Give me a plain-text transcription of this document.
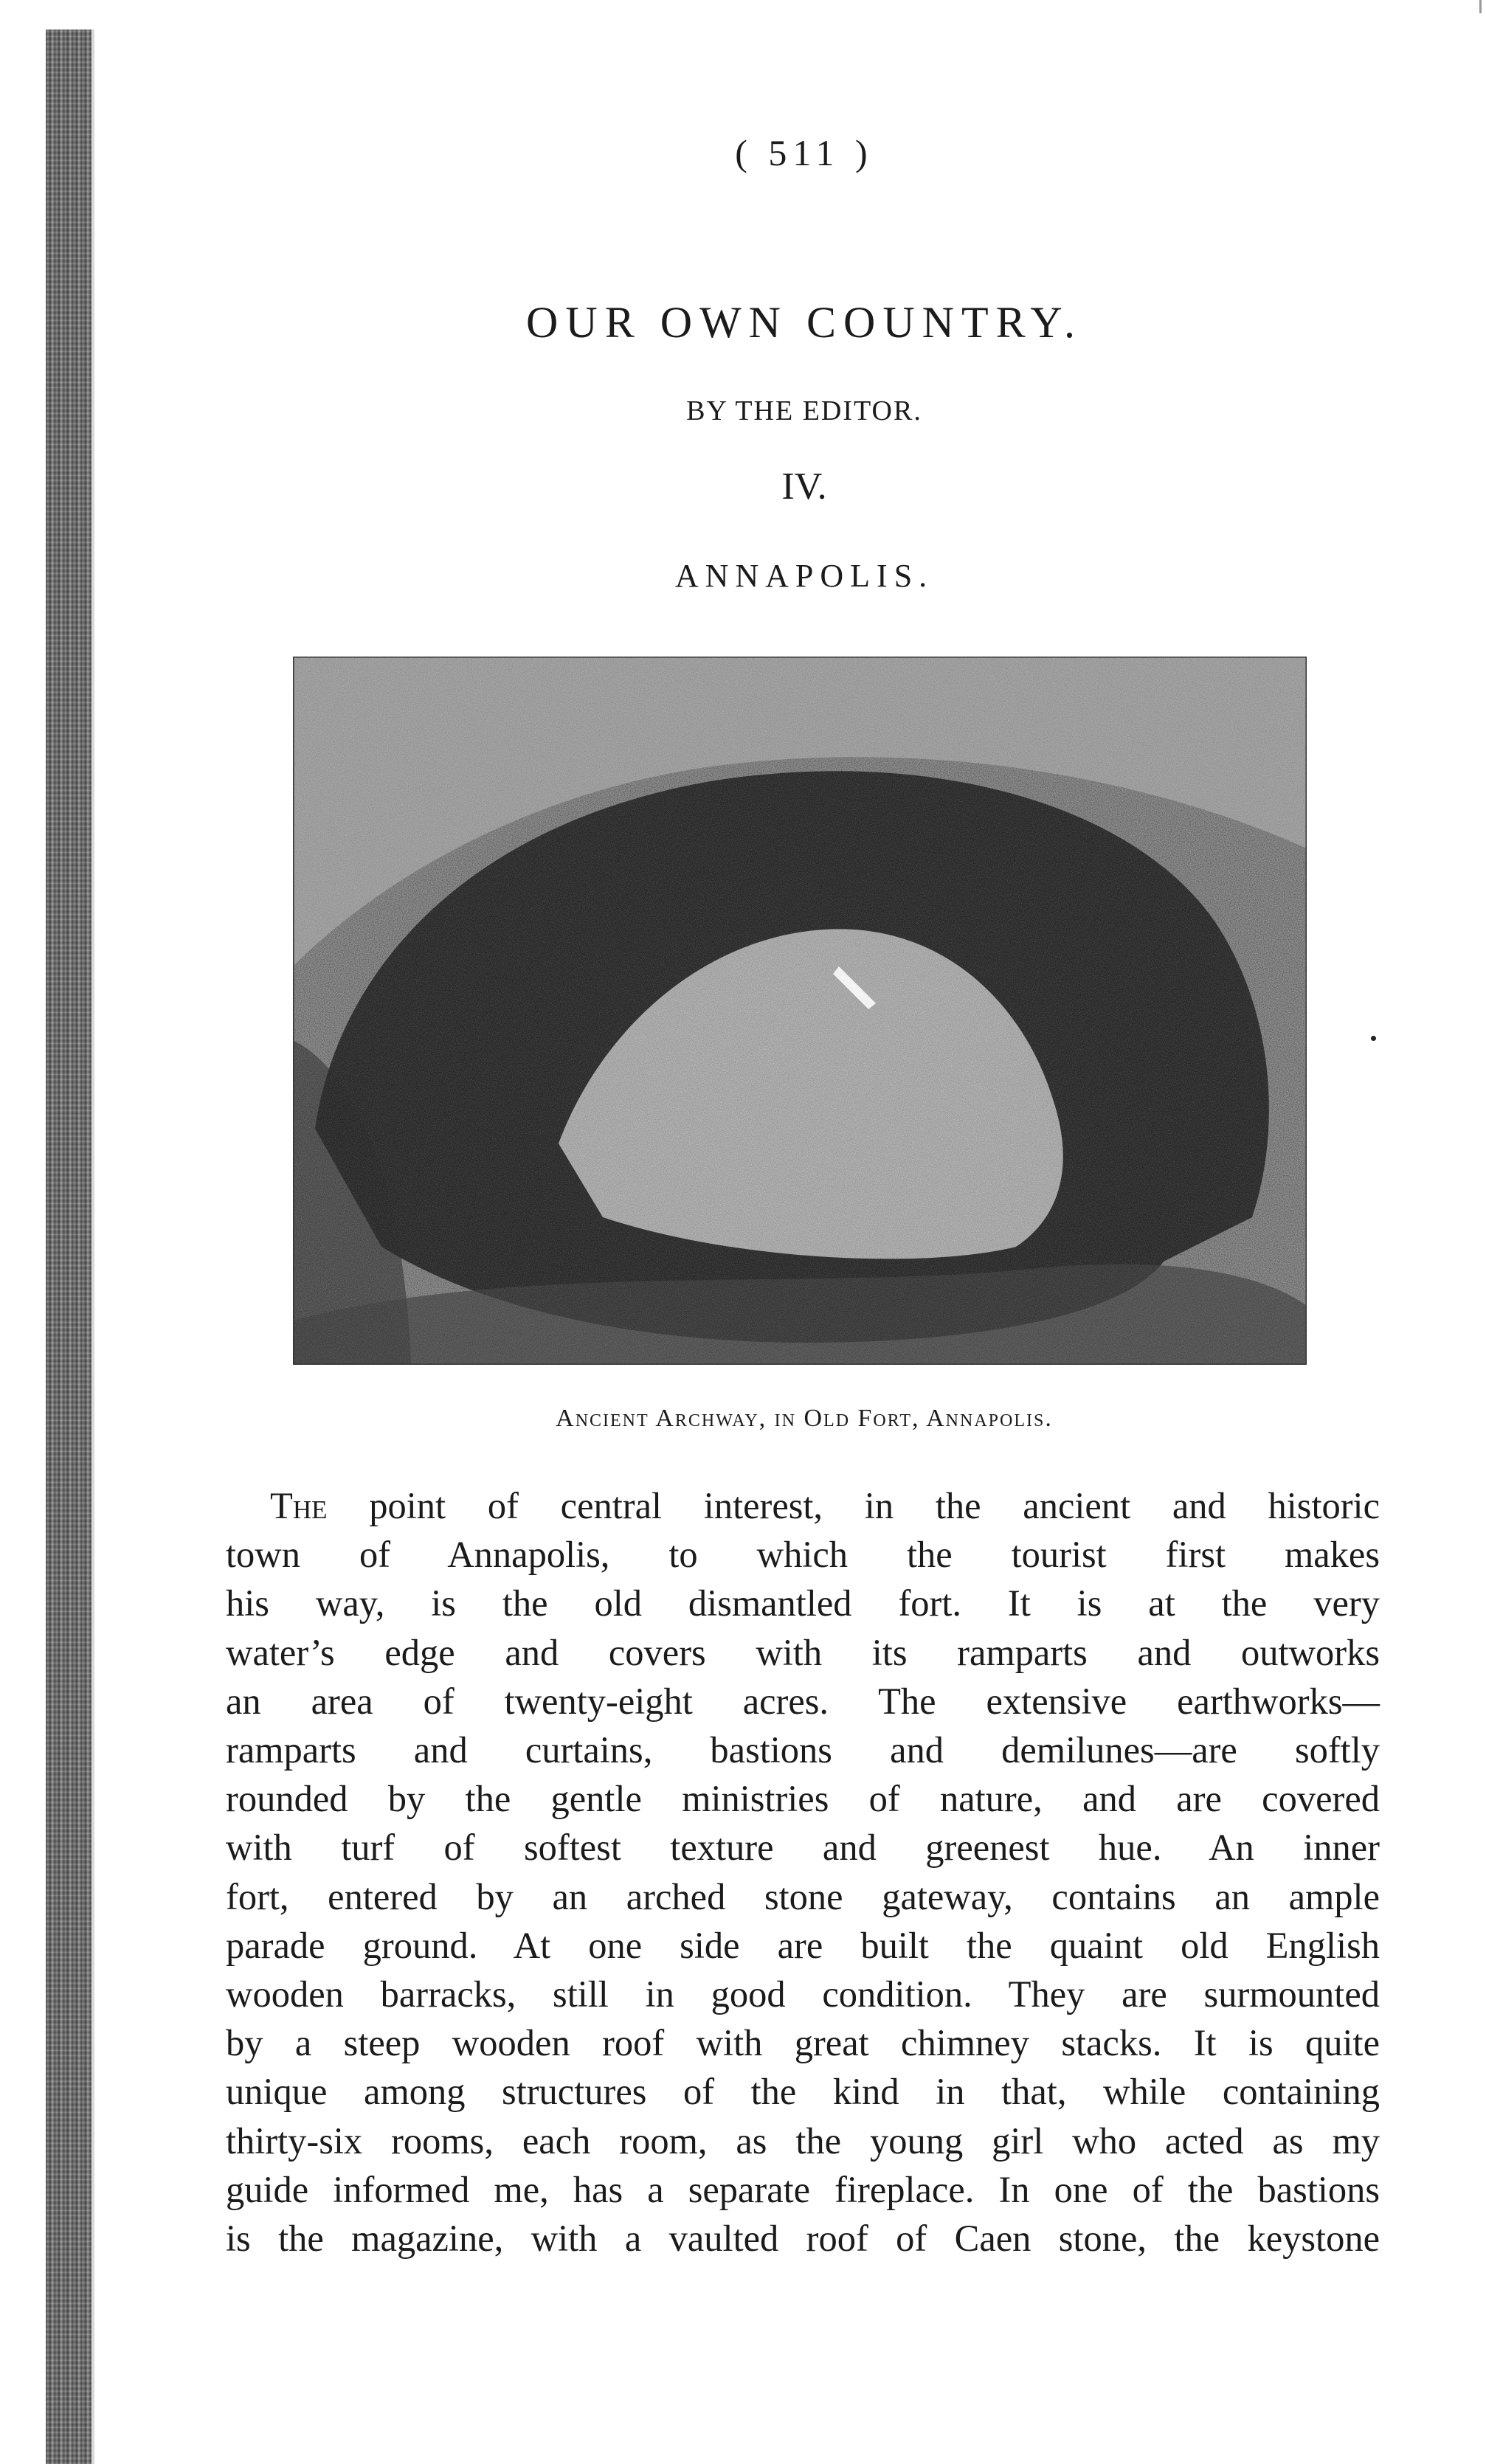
( 511 )
OUR OWN COUNTRY.
BY THE EDITOR.
IV.
ANNAPOLIS.
Ancient Archway, in Old Fort, Annapolis.
The point of central interest, in the ancient and historic
town of Annapolis, to which the tourist first makes
his way, is the old dismantled fort. It is at the very
water’s edge and covers with its ramparts and outworks
an area of twenty-eight acres. The extensive earthworks—
ramparts and curtains, bastions and demilunes—are softly
rounded by the gentle ministries of nature, and are covered
with turf of softest texture and greenest hue. An inner
fort, entered by an arched stone gateway, contains an ample
parade ground. At one side are built the quaint old English
wooden barracks, still in good condition. They are surmounted
by a steep wooden roof with great chimney stacks. It is quite
unique among structures of the kind in that, while containing
thirty-six rooms, each room, as the young girl who acted as my
guide informed me, has a separate fireplace. In one of the bastions
is the magazine, with a vaulted roof of Caen stone, the keystone
